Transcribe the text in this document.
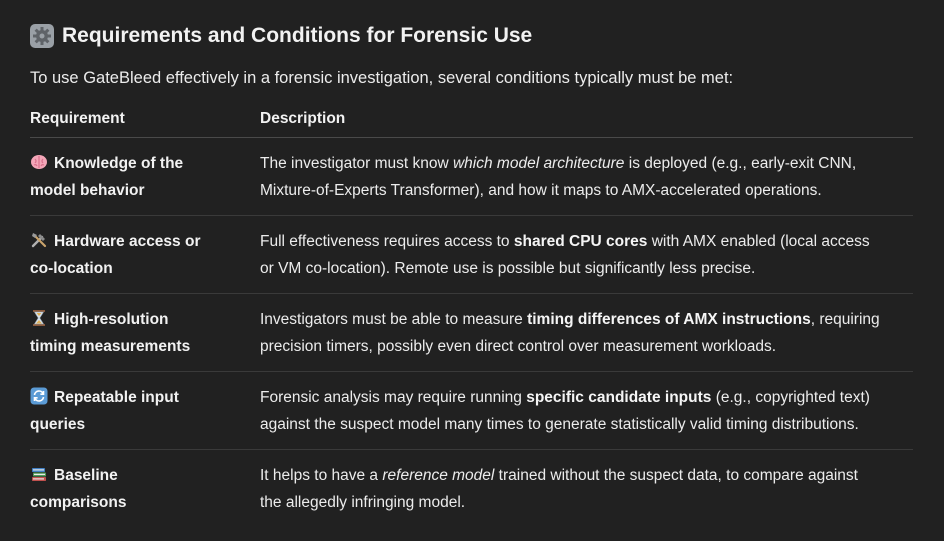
Requirements and Conditions for Forensic Use
To use GateBleed effectively in a forensic investigation, several conditions typically must be met:
Requirement	Description
Knowledge of the
model behavior	The investigator must know which model architecture is deployed (e.g., early-exit CNN,
Mixture-of-Experts Transformer), and how it maps to AMX-accelerated operations.
Hardware access or
co-location	Full effectiveness requires access to shared CPU cores with AMX enabled (local access
or VM co-location). Remote use is possible but significantly less precise.
High-resolution
timing measurements	Investigators must be able to measure timing differences of AMX instructions, requiring
precision timers, possibly even direct control over measurement workloads.
Repeatable input
queries	Forensic analysis may require running specific candidate inputs (e.g., copyrighted text)
against the suspect model many times to generate statistically valid timing distributions.
Baseline
comparisons	It helps to have a reference model trained without the suspect data, to compare against
the allegedly infringing model.
